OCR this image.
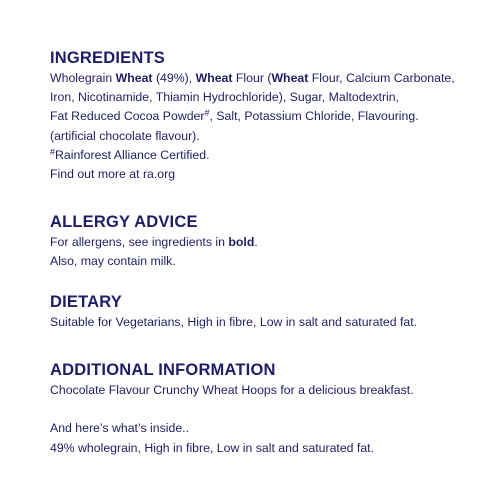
INGREDIENTS

Wholegrain Wheat (49%), Wheat Flour (Wheat Flour, Calcium Carbonate,
Iron, Nicotinamide, Thiamin Hydrochloride), Sugar, Maltodextrin,
Fat Reduced Cocoa Powder#, Salt, Potassium Chloride, Flavouring.
(artificial chocolate flavour).
#Rainforest Alliance Certified.
Find out more at ra.org

ALLERGY ADVICE

For allergens, see ingredients in bold.
Also, may contain milk.

DIETARY

Suitable for Vegetarians, High in fibre, Low in salt and saturated fat.

ADDITIONAL INFORMATION

Chocolate Flavour Crunchy Wheat Hoops for a delicious breakfast.
And here’s what’s inside..
49% wholegrain, High in fibre, Low in salt and saturated fat.
